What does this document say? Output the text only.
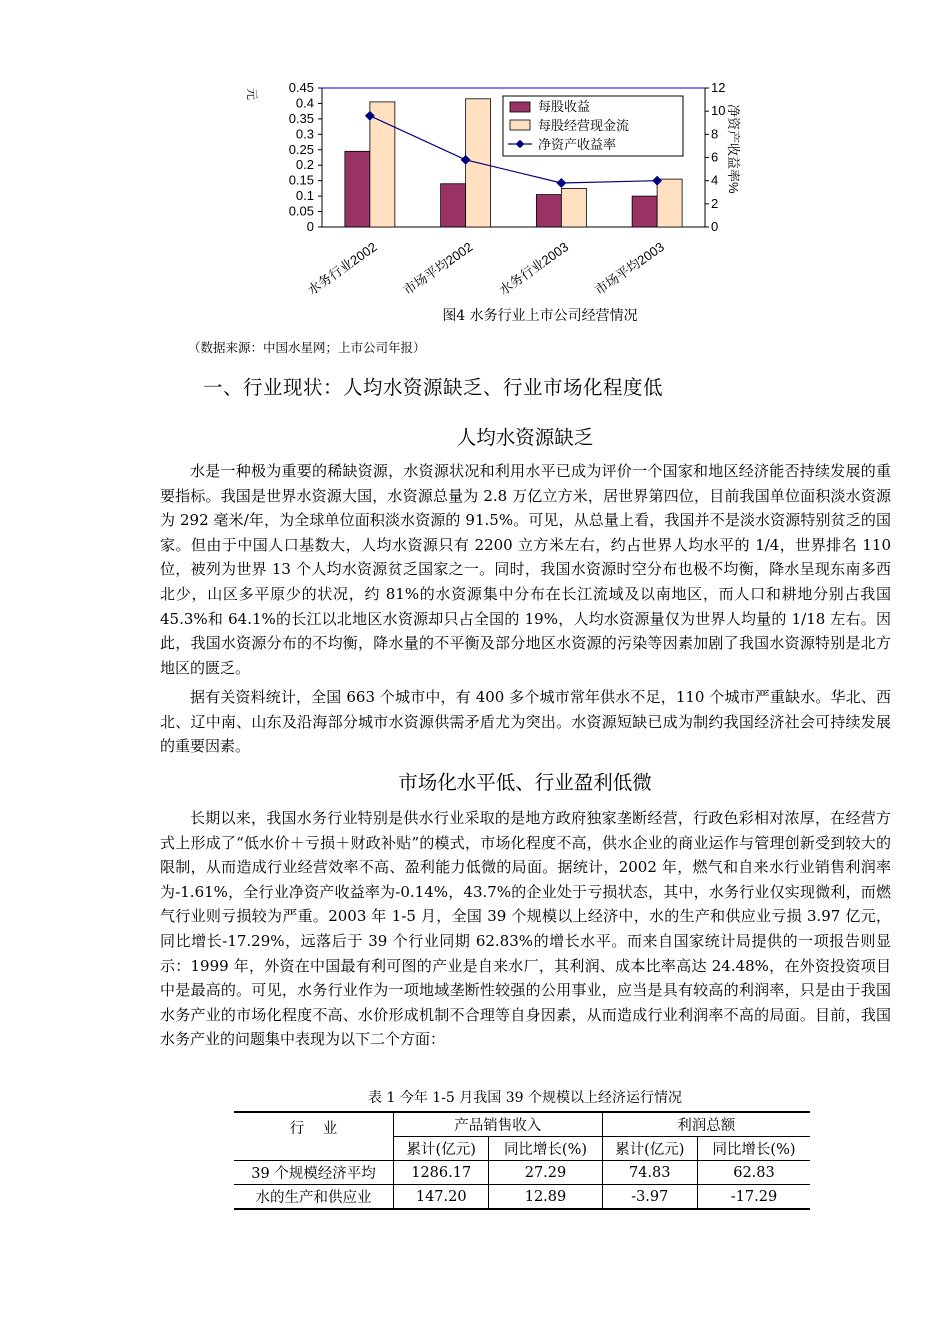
0
0.05
0.1
0.15
0.2
0.25
0.3
0.35
0.4
0.45
0
2
4
6
8
10
12
水务行业2002 市场平均2002 水务行业2003 市场平均2003
元
净资产收益率%
每股收益
每股经营现金流
净资产收益率
图4 水务行业上市公司经营情况
（数据来源：中国水星网；上市公司年报）
一、行业现状：人均水资源缺乏、行业市场化程度低
人均水资源缺乏

水是一种极为重要的稀缺资源，水资源状况和利用水平已成为评价一个国家和地区经济能否持续发展的重要指标。我国是世界水资源大国，水资源总量为 2.8 万亿立方米，居世界第四位，目前我国单位面积淡水资源为 292 毫米/年，为全球单位面积淡水资源的 91.5%。可见，从总量上看，我国并不是淡水资源特别贫乏的国家。但由于中国人口基数大，人均水资源只有 2200 立方米左右，约占世界人均水平的 1/4，世界排名 110 位，被列为世界 13 个人均水资源贫乏国家之一。同时，我国水资源时空分布也极不均衡，降水呈现东南多西北少，山区多平原少的状况，约 81%的水资源集中分布在长江流域及以南地区，而人口和耕地分别占我国 45.3%和 64.1%的长江以北地区水资源却只占全国的 19%，人均水资源量仅为世界人均量的 1/18 左右。因此，我国水资源分布的不均衡，降水量的不平衡及部分地区水资源的污染等因素加剧了我国水资源特别是北方地区的匮乏。

据有关资料统计，全国 663 个城市中，有 400 多个城市常年供水不足，110 个城市严重缺水。华北、西北、辽中南、山东及沿海部分城市水资源供需矛盾尤为突出。水资源短缺已成为制约我国经济社会可持续发展的重要因素。

市场化水平低、行业盈利低微

长期以来，我国水务行业特别是供水行业采取的是地方政府独家垄断经营，行政色彩相对浓厚，在经营方式上形成了“低水价＋亏损＋财政补贴”的模式，市场化程度不高，供水企业的商业运作与管理创新受到较大的限制，从而造成行业经营效率不高、盈利能力低微的局面。据统计，2002 年，燃气和自来水行业销售利润率为-1.61%，全行业净资产收益率为-0.14%，43.7%的企业处于亏损状态，其中，水务行业仅实现微利，而燃气行业则亏损较为严重。2003 年 1-5 月，全国 39 个规模以上经济中，水的生产和供应业亏损 3.97 亿元，同比增长-17.29%，远落后于 39 个行业同期 62.83%的增长水平。而来自国家统计局提供的一项报告则显示：1999 年，外资在中国最有利可图的产业是自来水厂，其利润、成本比率高达 24.48%，在外资投资项目中是最高的。可见，水务行业作为一项地域垄断性较强的公用事业，应当是具有较高的利润率，只是由于我国水务产业的市场化程度不高、水价形成机制不合理等自身因素，从而造成行业利润率不高的局面。目前，我国水务产业的问题集中表现为以下二个方面：

表 1 今年 1-5 月我国 39 个规模以上经济运行情况
行    业	产品销售收入		利润总额	
	累计(亿元)	同比增长(%)	累计(亿元)	同比增长(%)
39 个规模经济平均	1286.17	27.29	74.83	62.83
水的生产和供应业	147.20	12.89	-3.97	-17.29
